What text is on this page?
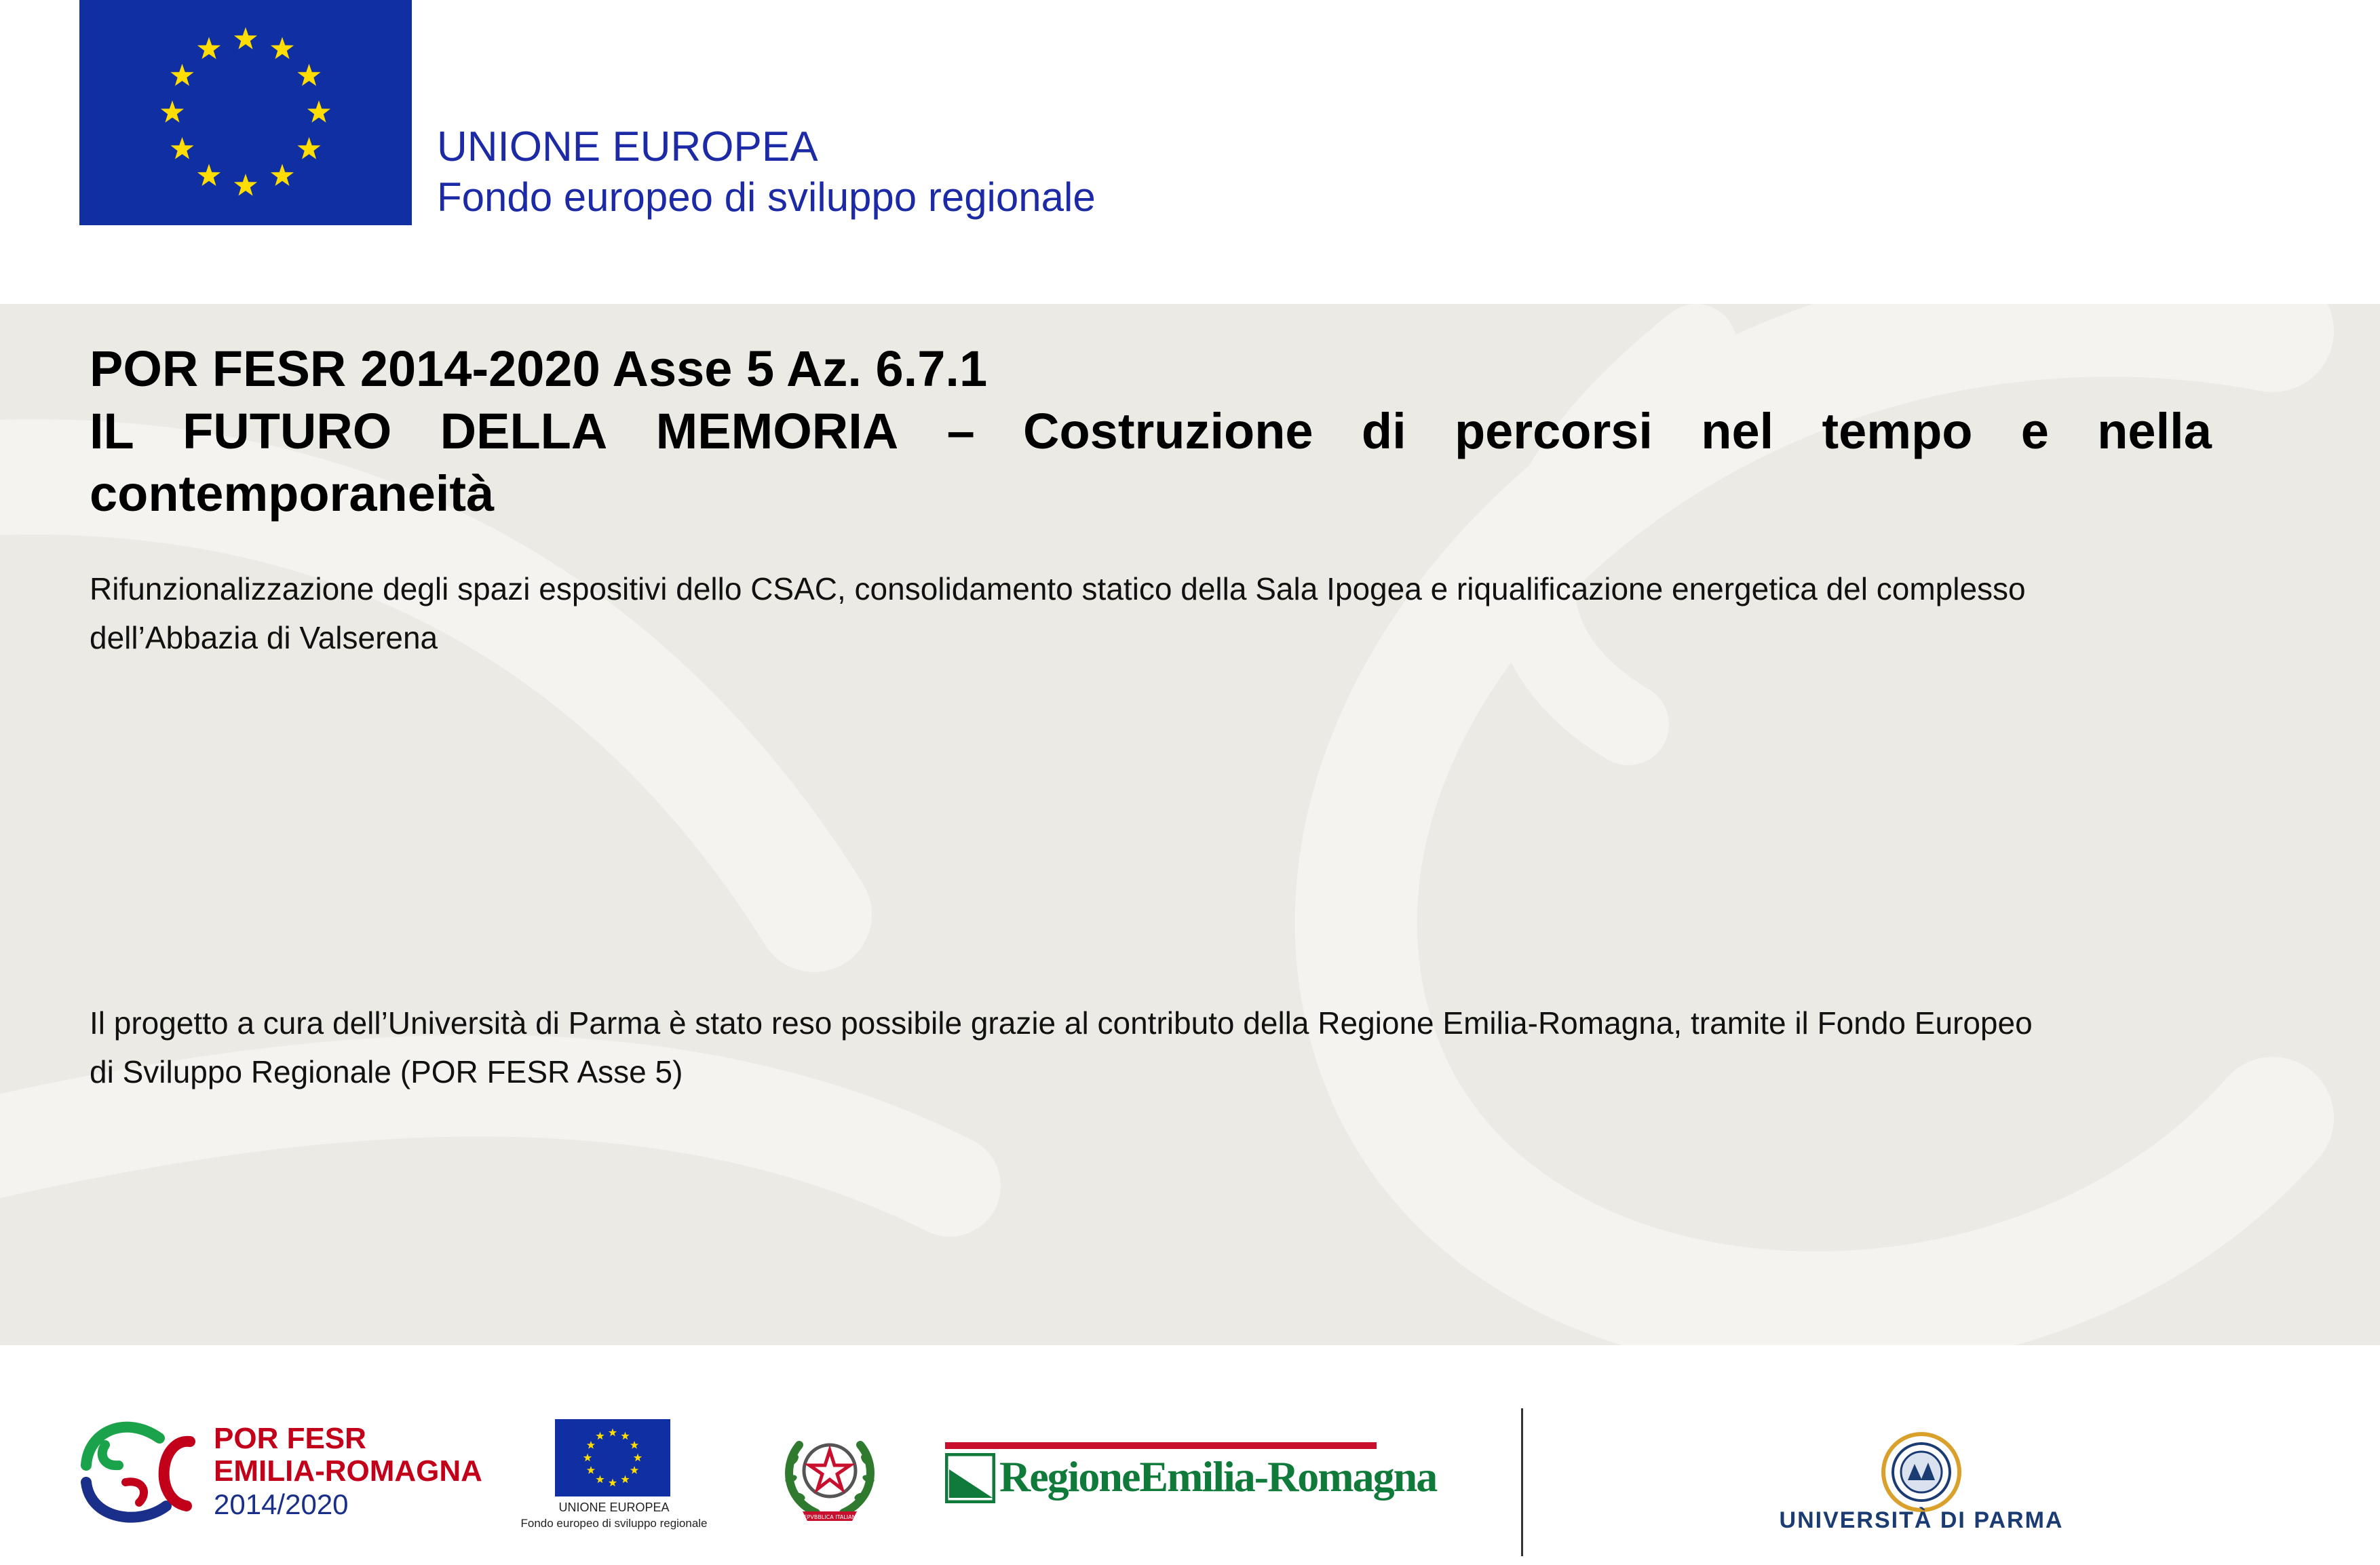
UNIONE EUROPEA
Fondo europeo di sviluppo regionale
POR FESR 2014-2020 Asse 5 Az. 6.7.1
IL FUTURO DELLA MEMORIA – Costruzione di percorsi nel tempo e nella
contemporaneità
Rifunzionalizzazione degli spazi espositivi dello CSAC, consolidamento statico della Sala Ipogea e riqualificazione energetica del complesso
dell’Abbazia di Valserena
Il progetto a cura dell’Università di Parma è stato reso possibile grazie al contributo della Regione Emilia-Romagna, tramite il Fondo Europeo
di Sviluppo Regionale (POR FESR Asse 5)
POR FESR
EMILIA-ROMAGNA
2014/2020	UNIONE EUROPEA
Fondo europeo di sviluppo regionale	REPVBBLICA ITALIANA
RegioneEmilia-Romagna
UNIVERSITÀ DI PARMA
